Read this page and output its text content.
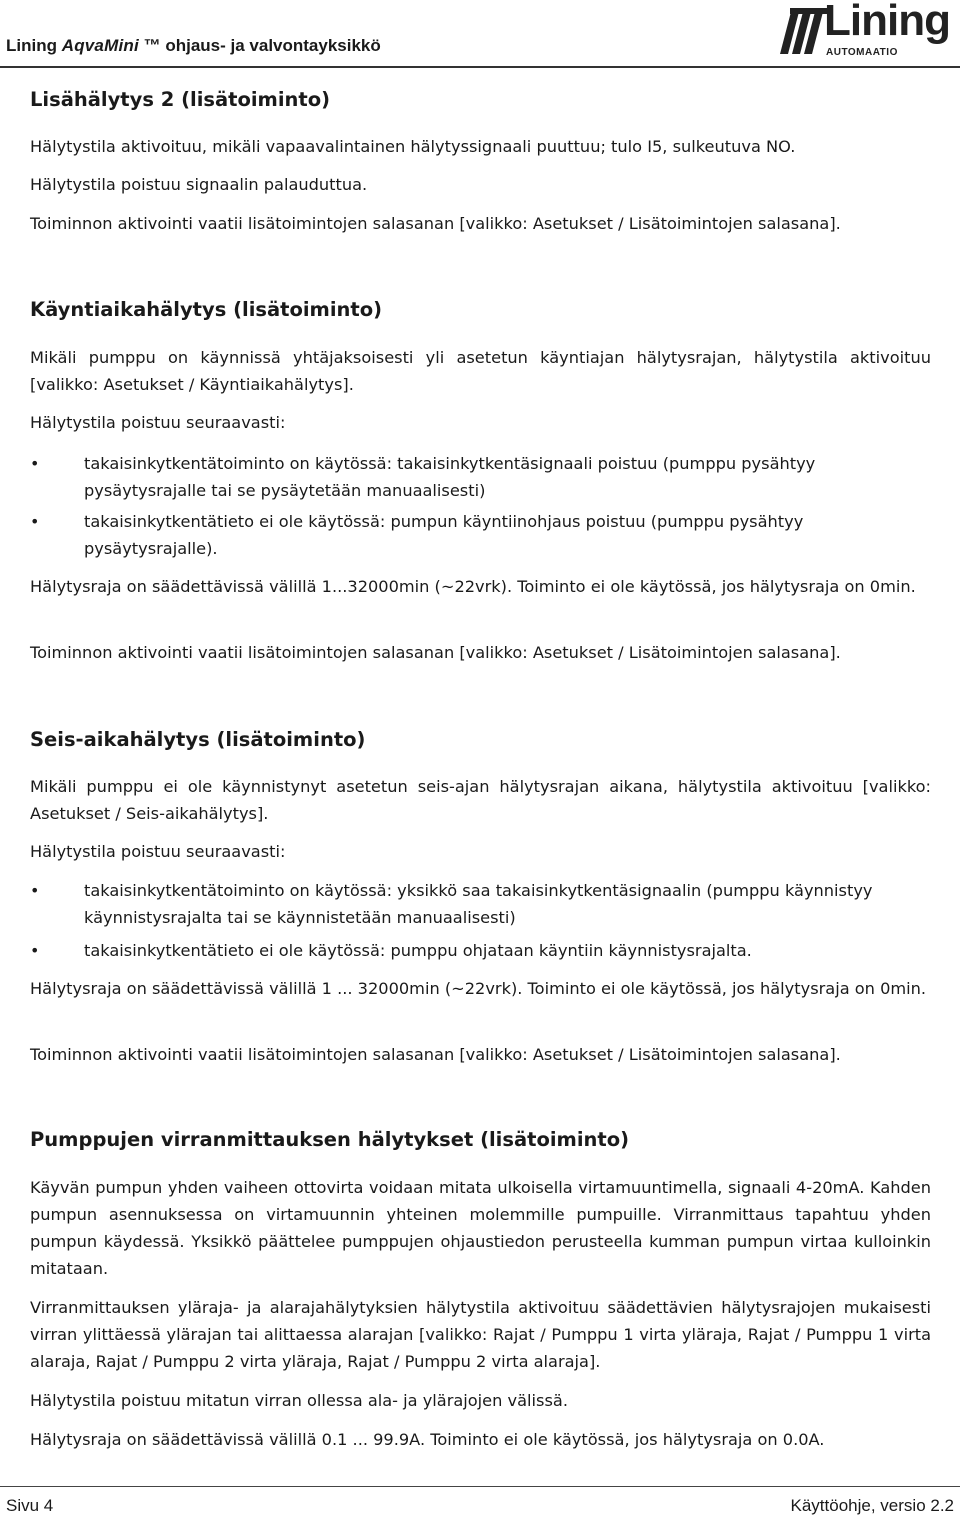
Lining AqvaMini ™ ohjaus- ja valvontayksikkö
Lining
AUTOMAATIO
Lisähälytys 2 (lisätoiminto)
Hälytystila aktivoituu, mikäli vapaavalintainen hälytyssignaali puuttuu; tulo I5, sulkeutuva NO.
Hälytystila poistuu signaalin palauduttua.
Toiminnon aktivointi vaatii lisätoimintojen salasanan [valikko: Asetukset / Lisätoimintojen salasana].
Käyntiaikahälytys (lisätoiminto)
Mikäli pumppu on käynnissä yhtäjaksoisesti yli asetetun käyntiajan hälytysrajan, hälytystila aktivoituu [valikko: Asetukset / Käyntiaikahälytys].
Hälytystila poistuu seuraavasti:
•	takaisinkytkentätoiminto on käytössä: takaisinkytkentäsignaali poistuu (pumppu pysähtyy pysäytysrajalle tai se pysäytetään manuaalisesti)
•	takaisinkytkentätieto ei ole käytössä: pumpun käyntiinohjaus poistuu (pumppu pysähtyy pysäytysrajalle).
Hälytysraja on säädettävissä välillä 1...32000min (~22vrk). Toiminto ei ole käytössä, jos hälytysraja on 0min.
Toiminnon aktivointi vaatii lisätoimintojen salasanan [valikko: Asetukset / Lisätoimintojen salasana].
Seis-aikahälytys (lisätoiminto)
Mikäli pumppu ei ole käynnistynyt asetetun seis-ajan hälytysrajan aikana, hälytystila aktivoituu [valikko: Asetukset / Seis-aikahälytys].
Hälytystila poistuu seuraavasti:
•	takaisinkytkentätoiminto on käytössä: yksikkö saa takaisinkytkentäsignaalin (pumppu käynnistyy käynnistysrajalta tai se käynnistetään manuaalisesti)
•	takaisinkytkentätieto ei ole käytössä: pumppu ohjataan käyntiin käynnistysrajalta.
Hälytysraja on säädettävissä välillä 1 ... 32000min (~22vrk). Toiminto ei ole käytössä, jos hälytysraja on 0min.
Toiminnon aktivointi vaatii lisätoimintojen salasanan [valikko: Asetukset / Lisätoimintojen salasana].
Pumppujen virranmittauksen hälytykset (lisätoiminto)
Käyvän pumpun yhden vaiheen ottovirta voidaan mitata ulkoisella virtamuuntimella, signaali 4-20mA. Kahden pumpun asennuksessa on virtamuunnin yhteinen molemmille pumpuille. Virranmittaus tapahtuu yhden pumpun käydessä. Yksikkö päättelee pumppujen ohjaustiedon perusteella kumman pumpun virtaa kulloinkin mitataan.
Virranmittauksen yläraja- ja alarajahälytyksien hälytystila aktivoituu säädettävien hälytysrajojen mukaisesti virran ylittäessä ylärajan tai alittaessa alarajan [valikko: Rajat / Pumppu 1 virta yläraja, Rajat / Pumppu 1 virta alaraja, Rajat / Pumppu 2 virta yläraja, Rajat / Pumppu 2 virta alaraja].
Hälytystila poistuu mitatun virran ollessa ala- ja ylärajojen välissä.
Hälytysraja on säädettävissä välillä 0.1 ... 99.9A. Toiminto ei ole käytössä, jos hälytysraja on 0.0A.
Sivu 4	Käyttöohje, versio 2.2
